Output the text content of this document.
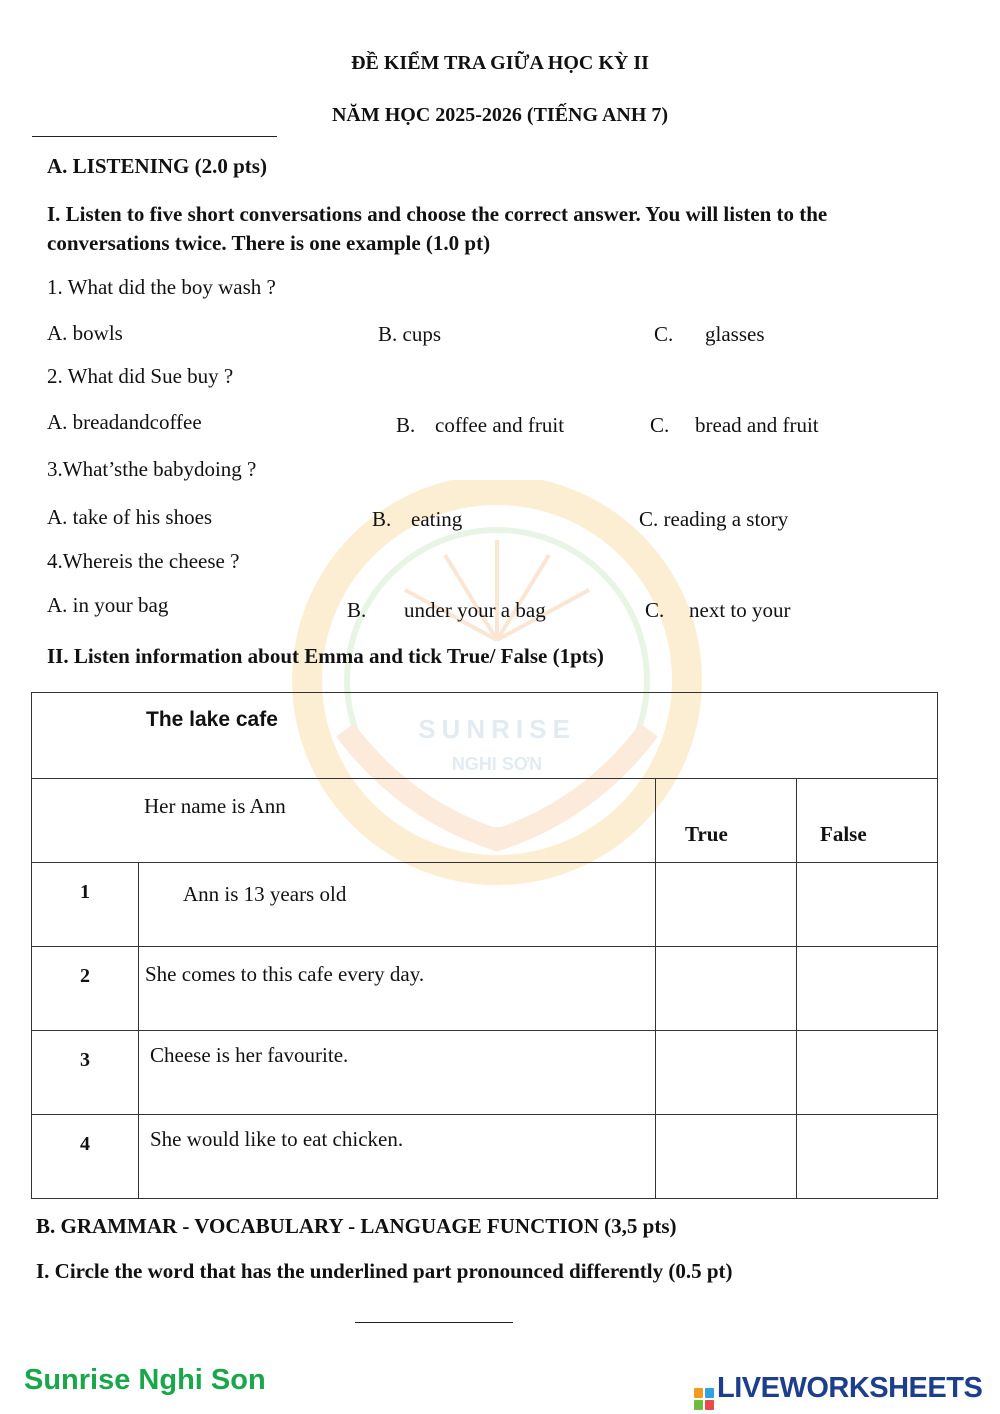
SUNRISE
NGHI SƠN
ĐỀ KIỂM TRA GIỮA HỌC KỲ II
NĂM HỌC 2025-2026 (TIẾNG ANH 7)
A. LISTENING (2.0 pts)
I. Listen to five short conversations and choose the correct answer. You will listen to the conversations twice. There is one example (1.0 pt)
1. What did the boy wash ?
A. bowls	B. cups	C. glasses
2. What did Sue buy ?
A. breadandcoffee	B. coffee and fruit	C. bread and fruit
3.What’sthe babydoing ?
A. take of his shoes	B. eating	C. reading a story
4.Whereis the cheese ?
A. in your bag	B. under your a bag	C. next to your
II. Listen information about Emma and tick True/ False (1pts)
The lake cafe			

Her name is Ann		True	False

1	Ann is 13 years old		

2	She comes to this cafe every day.		

3	Cheese is her favourite.		

4	She would like to eat chicken.		

B. GRAMMAR - VOCABULARY - LANGUAGE FUNCTION (3,5 pts)
I. Circle the word that has the underlined part pronounced differently (0.5 pt)
Sunrise Nghi Son	LIVEWORKSHEETS
